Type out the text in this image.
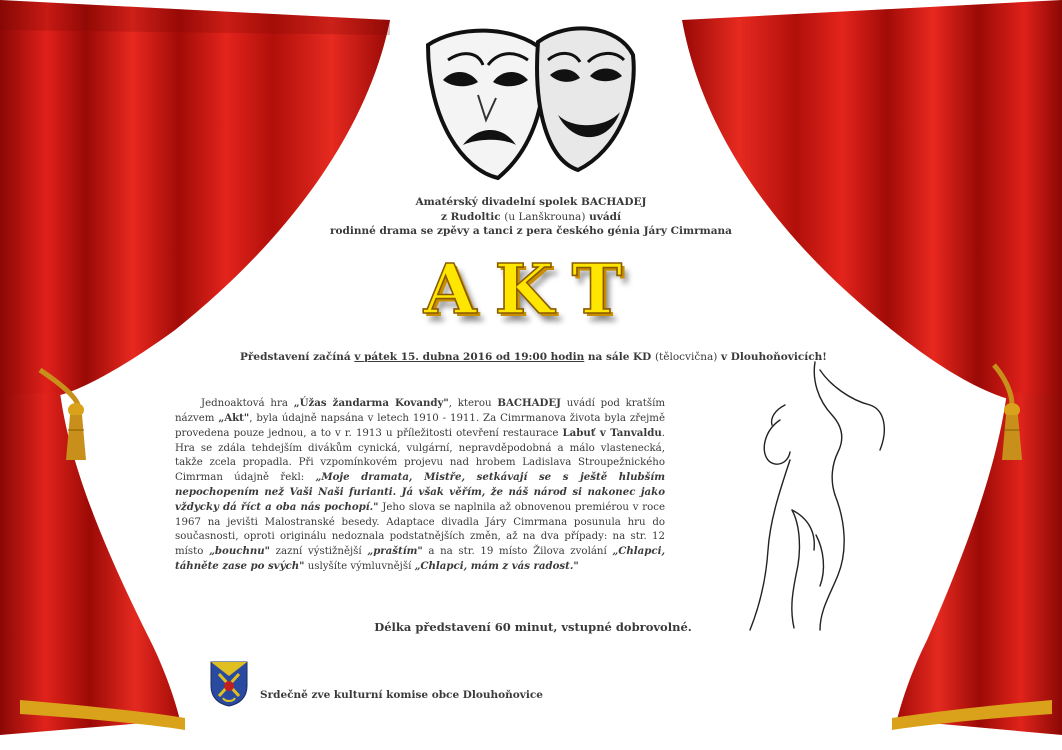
Amatérský divadelní spolek BACHADEJ
z Rudoltic (u Lanškrouna) uvádí
rodinné drama se zpěvy a tanci z pera českého génia Járy Cimrmana
AKT
Představení začíná v pátek 15. dubna 2016 od 19:00 hodin na sále KD (tělocvična) v Dlouhoňovicích!
Jednoaktová hra „Úžas žandarma Kovandy", kterou BACHADEJ uvádí pod kratším názvem „Akt", byla údajně napsána v letech 1910 - 1911. Za Cimrmanova života byla zřejmě provedena pouze jednou, a to v r. 1913 u příležitosti otevření restaurace Labuť v Tanvaldu. Hra se zdála tehdejším divákům cynická, vulgární, nepravděpodobná a málo vlastenecká, takže zcela propadla. Při vzpomínkovém projevu nad hrobem Ladislava Stroupežnického Cimrman údajně řekl: „Moje dramata, Mistře, setkávají se s ještě hlubším nepochopením než Vaši Naši furianti. Já však věřím, že náš národ si nakonec jako vždycky dá říct a oba nás pochopí." Jeho slova se naplnila až obnovenou premiérou v roce 1967 na jevišti Malostranské besedy. Adaptace divadla Járy Cimrmana posunula hru do současnosti, oproti originálu nedoznala podstatnějších změn, až na dva případy: na str. 12 místo „bouchnu" zazní výstižnější „praštím" a na str. 19 místo Žilova zvolání „Chlapci, táhněte zase po svých" uslyšíte výmluvnější „Chlapci, mám z vás radost."
Délka představení 60 minut, vstupné dobrovolné.
Srdečně zve kulturní komise obce Dlouhoňovice
